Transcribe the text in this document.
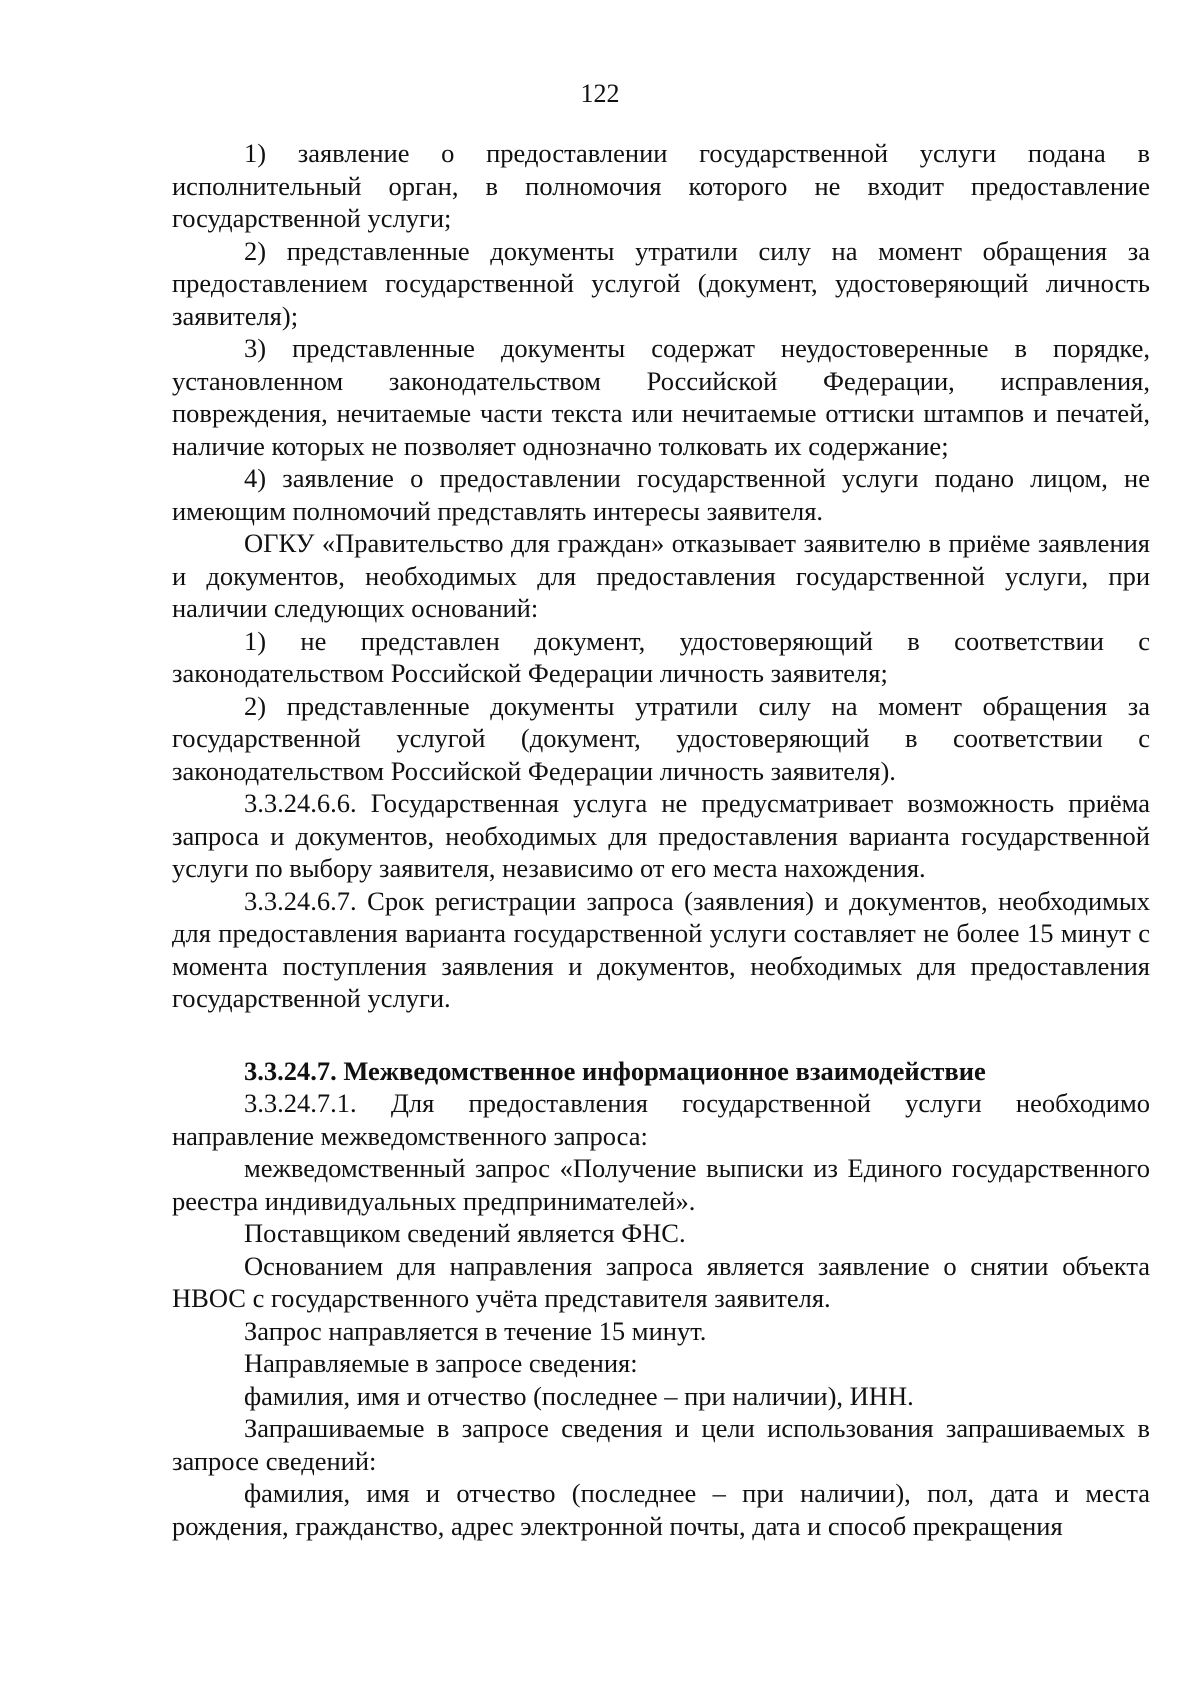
122

1) заявление о предоставлении государственной услуги подана в исполнительный орган, в полномочия которого не входит предоставление государственной услуги;

2) представленные документы утратили силу на момент обращения за предоставлением государственной услугой (документ, удостоверяющий личность заявителя);

3) представленные документы содержат неудостоверенные в порядке, установленном законодательством Российской Федерации, исправления, повреждения, нечитаемые части текста или нечитаемые оттиски штампов и печатей, наличие которых не позволяет однозначно толковать их содержание;

4) заявление о предоставлении государственной услуги подано лицом, не имеющим полномочий представлять интересы заявителя.

ОГКУ «Правительство для граждан» отказывает заявителю в приёме заявления и документов, необходимых для предоставления государственной услуги, при наличии следующих оснований:

1) не представлен документ, удостоверяющий в соответствии с законодательством Российской Федерации личность заявителя;

2) представленные документы утратили силу на момент обращения за государственной услугой (документ, удостоверяющий в соответствии с законодательством Российской Федерации личность заявителя).

3.3.24.6.6. Государственная услуга не предусматривает возможность приёма запроса и документов, необходимых для предоставления варианта государственной услуги по выбору заявителя, независимо от его места нахождения.

3.3.24.6.7. Срок регистрации запроса (заявления) и документов, необходимых для предоставления варианта государственной услуги составляет не более 15 минут с момента поступления заявления и документов, необходимых для предоставления государственной услуги.

3.3.24.7. Межведомственное информационное взаимодействие

3.3.24.7.1. Для предоставления государственной услуги необходимо направление межведомственного запроса:

межведомственный запрос «Получение выписки из Единого государственного реестра индивидуальных предпринимателей».

Поставщиком сведений является ФНС.

Основанием для направления запроса является заявление о снятии объекта НВОС с государственного учёта представителя заявителя.

Запрос направляется в течение 15 минут.

Направляемые в запросе сведения:

фамилия, имя и отчество (последнее – при наличии), ИНН.

Запрашиваемые в запросе сведения и цели использования запрашиваемых в запросе сведений:

фамилия, имя и отчество (последнее – при наличии), пол, дата и места рождения, гражданство, адрес электронной почты, дата и способ прекращения
